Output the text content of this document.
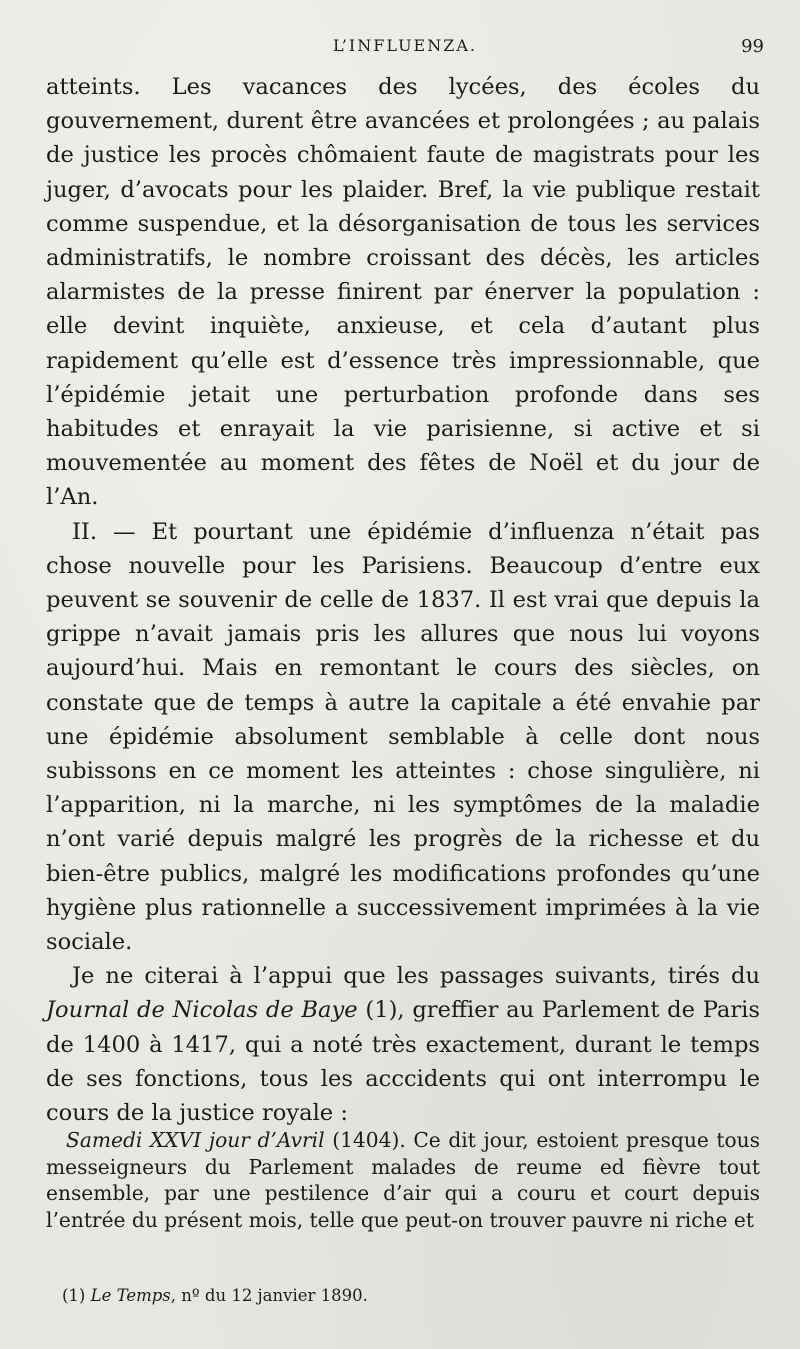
L’INFLUENZA.	99

atteints. Les vacances des lycées, des écoles du gouvernement, durent être avancées et prolongées ; au palais de justice les procès chômaient faute de magistrats pour les juger, d’avocats pour les plaider. Bref, la vie publique restait comme suspendue, et la désorganisation de tous les services administratifs, le nombre croissant des décès, les articles alarmistes de la presse finirent par énerver la population : elle devint inquiète, anxieuse, et cela d’autant plus rapidement qu’elle est d’essence très impressionnable, que l’épidémie jetait une perturbation profonde dans ses habitudes et enrayait la vie parisienne, si active et si mouvementée au moment des fêtes de Noël et du jour de l’An.

II. — Et pourtant une épidémie d’influenza n’était pas chose nouvelle pour les Parisiens. Beaucoup d’entre eux peuvent se souvenir de celle de 1837. Il est vrai que depuis la grippe n’avait jamais pris les allures que nous lui voyons aujourd’hui. Mais en remontant le cours des siècles, on constate que de temps à autre la capitale a été envahie par une épidémie absolument semblable à celle dont nous subissons en ce moment les atteintes : chose singulière, ni l’apparition, ni la marche, ni les symptômes de la maladie n’ont varié depuis malgré les progrès de la richesse et du bien-être publics, malgré les modifications profondes qu’une hygiène plus rationnelle a successivement imprimées à la vie sociale.

Je ne citerai à l’appui que les passages suivants, tirés du Journal de Nicolas de Baye (1), greffier au Parlement de Paris de 1400 à 1417, qui a noté très exactement, durant le temps de ses fonctions, tous les acccidents qui ont interrompu le cours de la justice royale :

Samedi XXVI jour d’Avril (1404). Ce dit jour, estoient presque tous messeigneurs du Parlement malades de reume ed fièvre tout ensemble, par une pestilence d’air qui a couru et court depuis l’entrée du présent mois, telle que peut-on trouver pauvre ni riche et

(1) Le Temps, nº du 12 janvier 1890.
